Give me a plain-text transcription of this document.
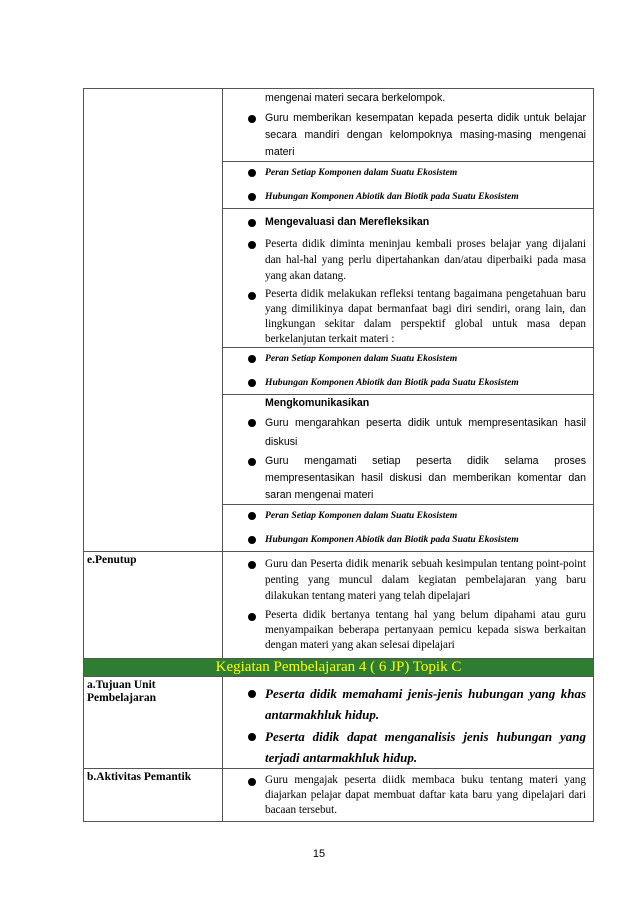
	mengenai materi secara berkelompok.
Guru memberikan kesempatan kepada peserta didik untuk belajar secara mandiri dengan kelompoknya masing-masing mengenai materi

Peran Setiap Komponen dalam Suatu Ekosistem
Hubungan Komponen Abiotik dan Biotik pada Suatu Ekosistem

Mengevaluasi dan Merefleksikan
Peserta didik diminta meninjau kembali proses belajar yang dijalani dan hal-hal yang perlu dipertahankan dan/atau diperbaiki pada masa yang akan datang.
Peserta didik melakukan refleksi tentang bagaimana pengetahuan baru yang dimilikinya dapat bermanfaat bagi diri sendiri, orang lain, dan lingkungan sekitar dalam perspektif global untuk masa depan berkelanjutan terkait materi :

Peran Setiap Komponen dalam Suatu Ekosistem
Hubungan Komponen Abiotik dan Biotik pada Suatu Ekosistem

	Mengkomunikasikan
Guru mengarahkan peserta didik untuk mempresentasikan hasil diskusi
Guru mengamati setiap peserta didik selama proses mempresentasikan hasil diskusi dan memberikan komentar dan saran mengenai materi

Peran Setiap Komponen dalam Suatu Ekosistem
Hubungan Komponen Abiotik dan Biotik pada Suatu Ekosistem

e.Penutup	Guru dan Peserta didik menarik sebuah kesimpulan tentang point-point penting yang muncul dalam kegiatan pembelajaran yang baru dilakukan tentang materi yang telah dipelajari
Peserta didik bertanya tentang hal yang belum dipahami atau guru menyampaikan beberapa pertanyaan pemicu kepada siswa berkaitan dengan materi yang akan selesai dipelajari

Kegiatan Pembelajaran 4 ( 6 JP) Topik C	

a.Tujuan Unit Pembelajaran	Peserta didik memahami jenis-jenis hubungan yang khas antarmakhluk hidup.
Peserta didik dapat menganalisis jenis hubungan yang terjadi antarmakhluk hidup.

b.Aktivitas Pemantik	Guru mengajak peserta diidk membaca buku tentang materi yang diajarkan pelajar dapat membuat daftar kata baru yang dipelajari dari bacaan tersebut.
15
